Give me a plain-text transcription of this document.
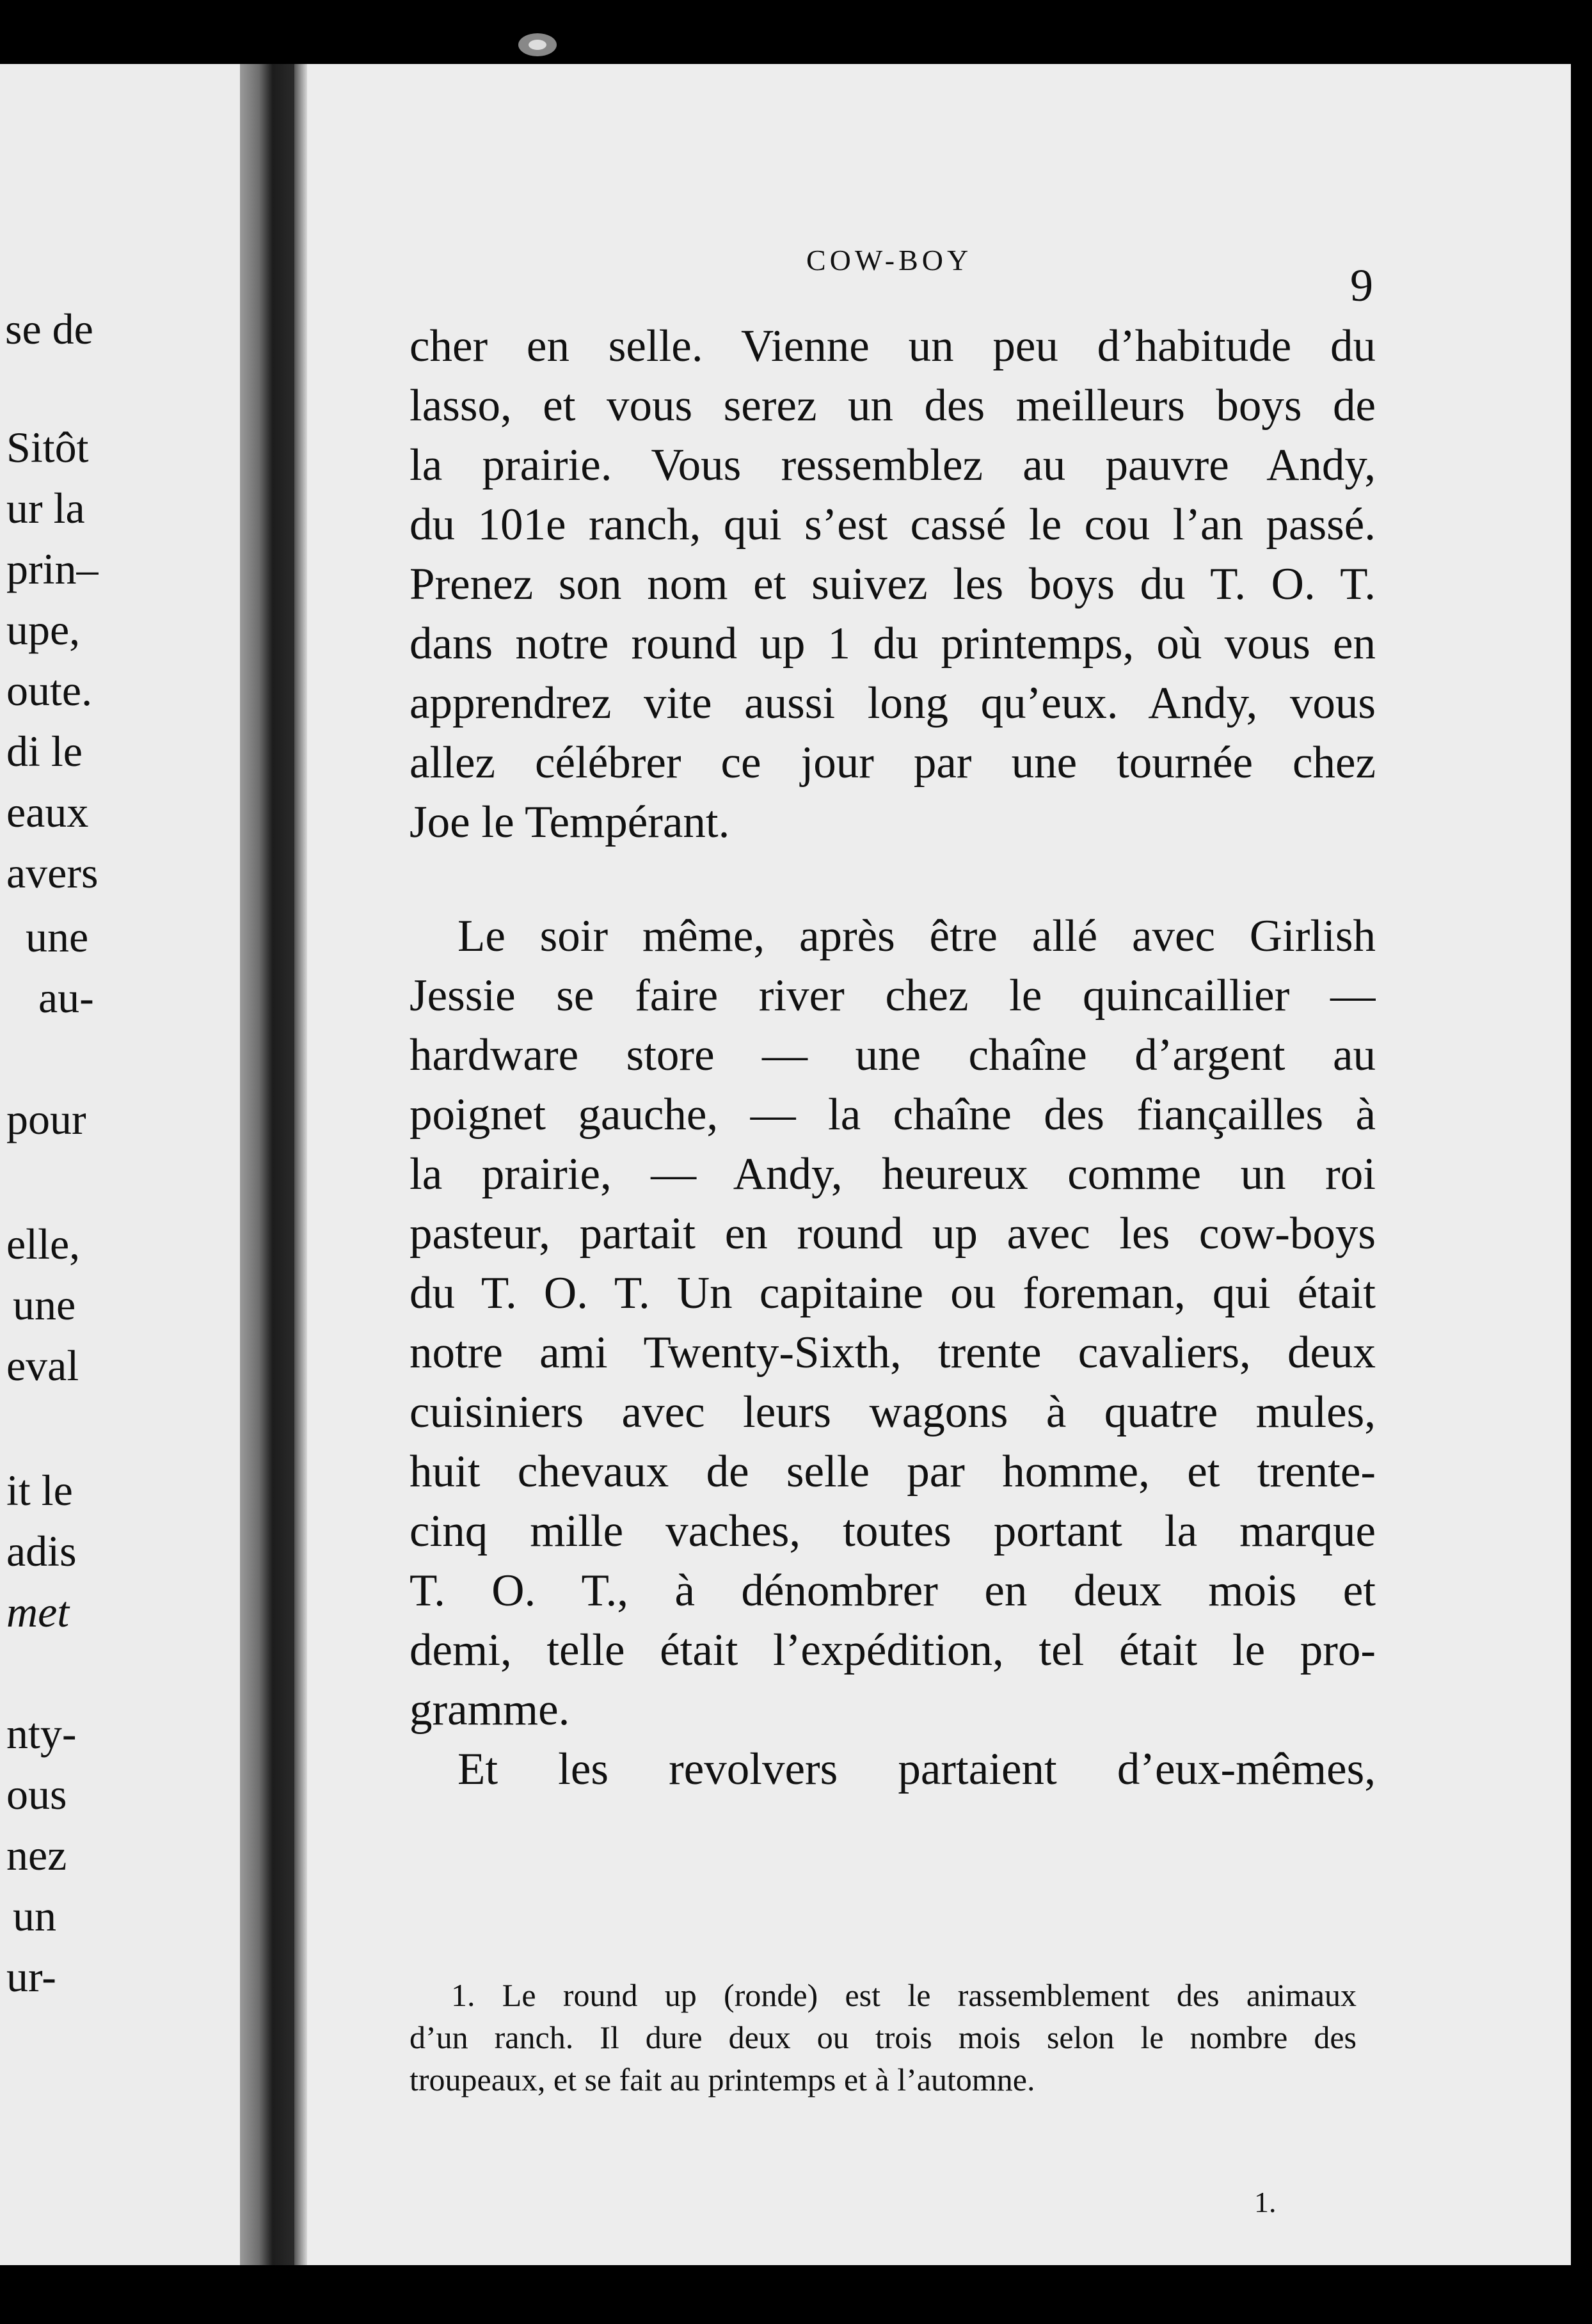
se de
Sitôt
ur la
prin–
upe,
oute.
di le
eaux
avers
une
au-
pour
elle,
une
eval
it le
adis
met
nty-
ous
nez
un
ur-
COW-BOY	9
cher en selle. Vienne un peu d’habitude du
lasso, et vous serez un des meilleurs boys de
la prairie. Vous ressemblez au pauvre Andy,
du 101e ranch, qui s’est cassé le cou l’an passé.
Prenez son nom et suivez les boys du T. O. T.
dans notre round up 1 du printemps, où vous en
apprendrez vite aussi long qu’eux. Andy, vous
allez célébrer ce jour par une tournée chez
Joe le Tempérant.
Le soir même, après être allé avec Girlish
Jessie se faire river chez le quincaillier —
hardware store — une chaîne d’argent au
poignet gauche, — la chaîne des fiançailles à
la prairie, — Andy, heureux comme un roi
pasteur, partait en round up avec les cow-boys
du T. O. T. Un capitaine ou foreman, qui était
notre ami Twenty-Sixth, trente cavaliers, deux
cuisiniers avec leurs wagons à quatre mules,
huit chevaux de selle par homme, et trente-
cinq mille vaches, toutes portant la marque
T. O. T., à dénombrer en deux mois et
demi, telle était l’expédition, tel était le pro-
gramme.
Et les revolvers partaient d’eux-mêmes,
1. Le round up (ronde) est le rassemblement des animaux
d’un ranch. Il dure deux ou trois mois selon le nombre des
troupeaux, et se fait au printemps et à l’automne.
1.
